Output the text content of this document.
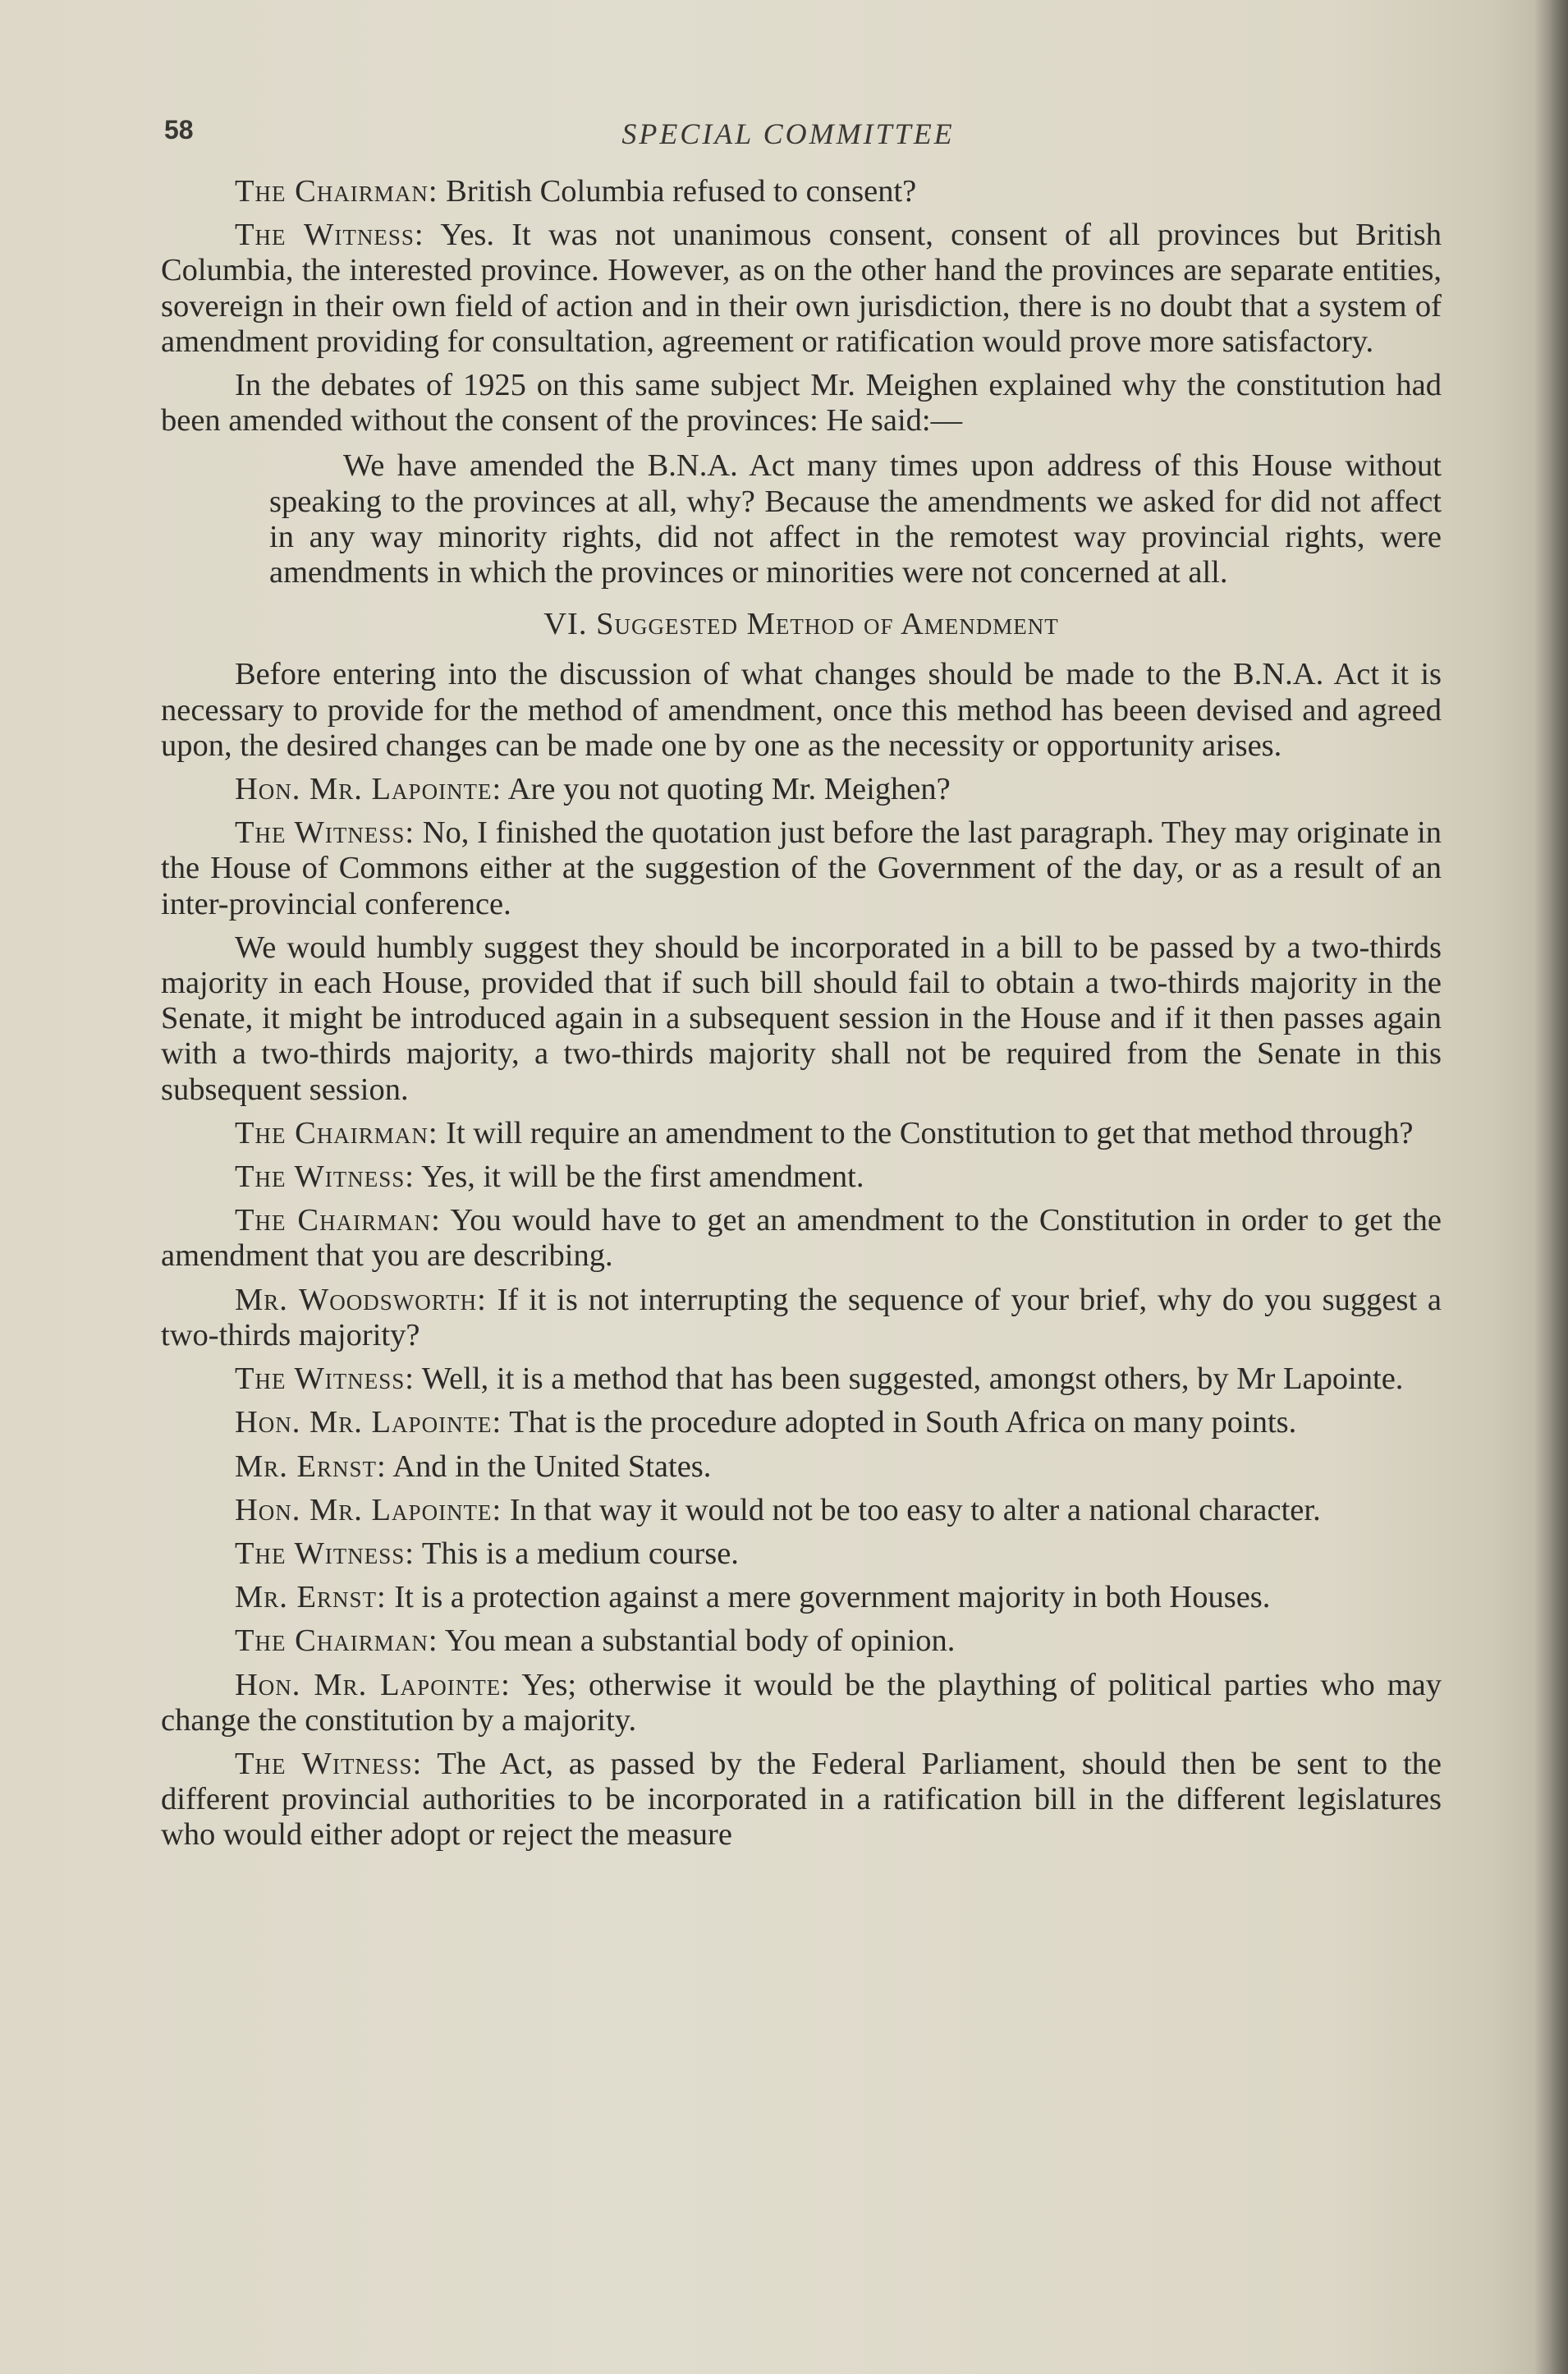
58	SPECIAL COMMITTEE

The Chairman: British Columbia refused to consent?

The Witness: Yes. It was not unanimous consent, consent of all provinces but British Columbia, the interested province. However, as on the other hand the provinces are separate entities, sovereign in their own field of action and in their own jurisdiction, there is no doubt that a system of amendment providing for consultation, agreement or ratification would prove more satisfactory.

In the debates of 1925 on this same subject Mr. Meighen explained why the constitution had been amended without the consent of the provinces: He said:—

We have amended the B.N.A. Act many times upon address of this House without speaking to the provinces at all, why? Because the amendments we asked for did not affect in any way minority rights, did not affect in the remotest way provincial rights, were amendments in which the provinces or minorities were not concerned at all.
VI. Suggested Method of Amendment

Before entering into the discussion of what changes should be made to the B.N.A. Act it is necessary to provide for the method of amendment, once this method has beeen devised and agreed upon, the desired changes can be made one by one as the necessity or opportunity arises.

Hon. Mr. Lapointe: Are you not quoting Mr. Meighen?

The Witness: No, I finished the quotation just before the last paragraph. They may originate in the House of Commons either at the suggestion of the Government of the day, or as a result of an inter-provincial conference.

We would humbly suggest they should be incorporated in a bill to be passed by a two-thirds majority in each House, provided that if such bill should fail to obtain a two-thirds majority in the Senate, it might be introduced again in a subsequent session in the House and if it then passes again with a two-thirds majority, a two-thirds majority shall not be required from the Senate in this subsequent session.

The Chairman: It will require an amendment to the Constitution to get that method through?

The Witness: Yes, it will be the first amendment.

The Chairman: You would have to get an amendment to the Constitution in order to get the amendment that you are describing.

Mr. Woodsworth: If it is not interrupting the sequence of your brief, why do you suggest a two-thirds majority?

The Witness: Well, it is a method that has been suggested, amongst others, by Mr Lapointe.

Hon. Mr. Lapointe: That is the procedure adopted in South Africa on many points.

Mr. Ernst: And in the United States.

Hon. Mr. Lapointe: In that way it would not be too easy to alter a national character.

The Witness: This is a medium course.

Mr. Ernst: It is a protection against a mere government majority in both Houses.

The Chairman: You mean a substantial body of opinion.

Hon. Mr. Lapointe: Yes; otherwise it would be the plaything of political parties who may change the constitution by a majority.

The Witness: The Act, as passed by the Federal Parliament, should then be sent to the different provincial authorities to be incorporated in a ratification bill in the different legislatures who would either adopt or reject the measure
